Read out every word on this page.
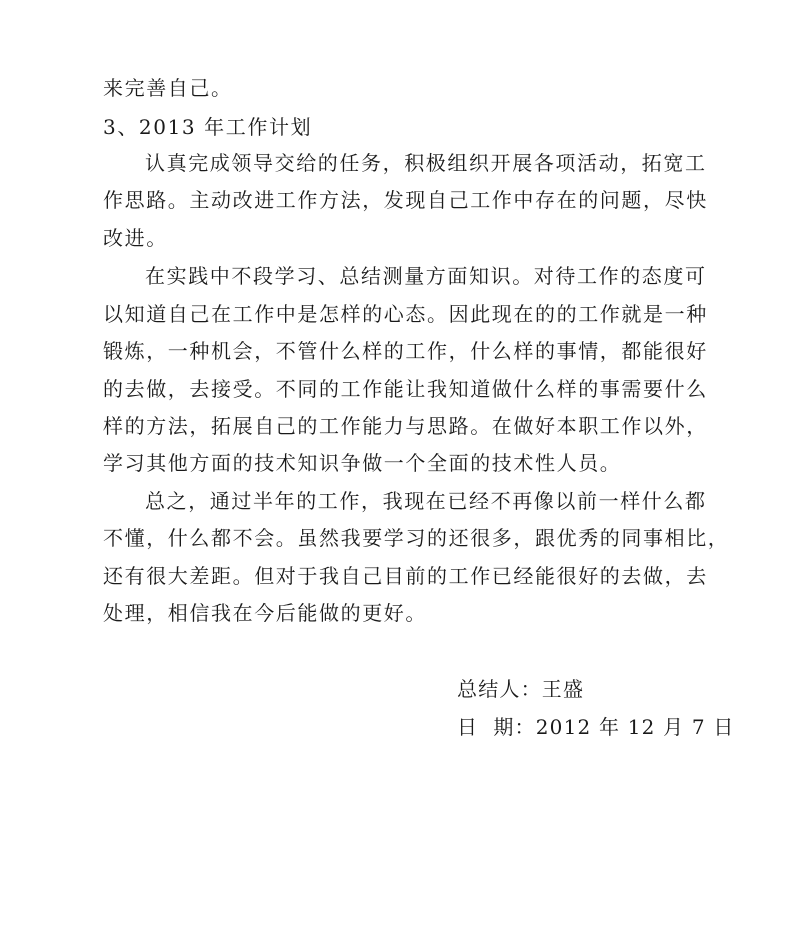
来完善自己。
3、2013 年工作计划
认真完成领导交给的任务，积极组织开展各项活动，拓宽工
作思路。主动改进工作方法，发现自己工作中存在的问题，尽快
改进。
在实践中不段学习、总结测量方面知识。对待工作的态度可
以知道自己在工作中是怎样的心态。因此现在的的工作就是一种
锻炼，一种机会，不管什么样的工作，什么样的事情，都能很好
的去做，去接受。不同的工作能让我知道做什么样的事需要什么
样的方法，拓展自己的工作能力与思路。在做好本职工作以外，
学习其他方面的技术知识争做一个全面的技术性人员。
总之，通过半年的工作，我现在已经不再像以前一样什么都
不懂，什么都不会。虽然我要学习的还很多，跟优秀的同事相比，
还有很大差距。但对于我自己目前的工作已经能很好的去做，去
处理，相信我在今后能做的更好。
总结人：王盛
日  期：2012 年 12 月 7 日
